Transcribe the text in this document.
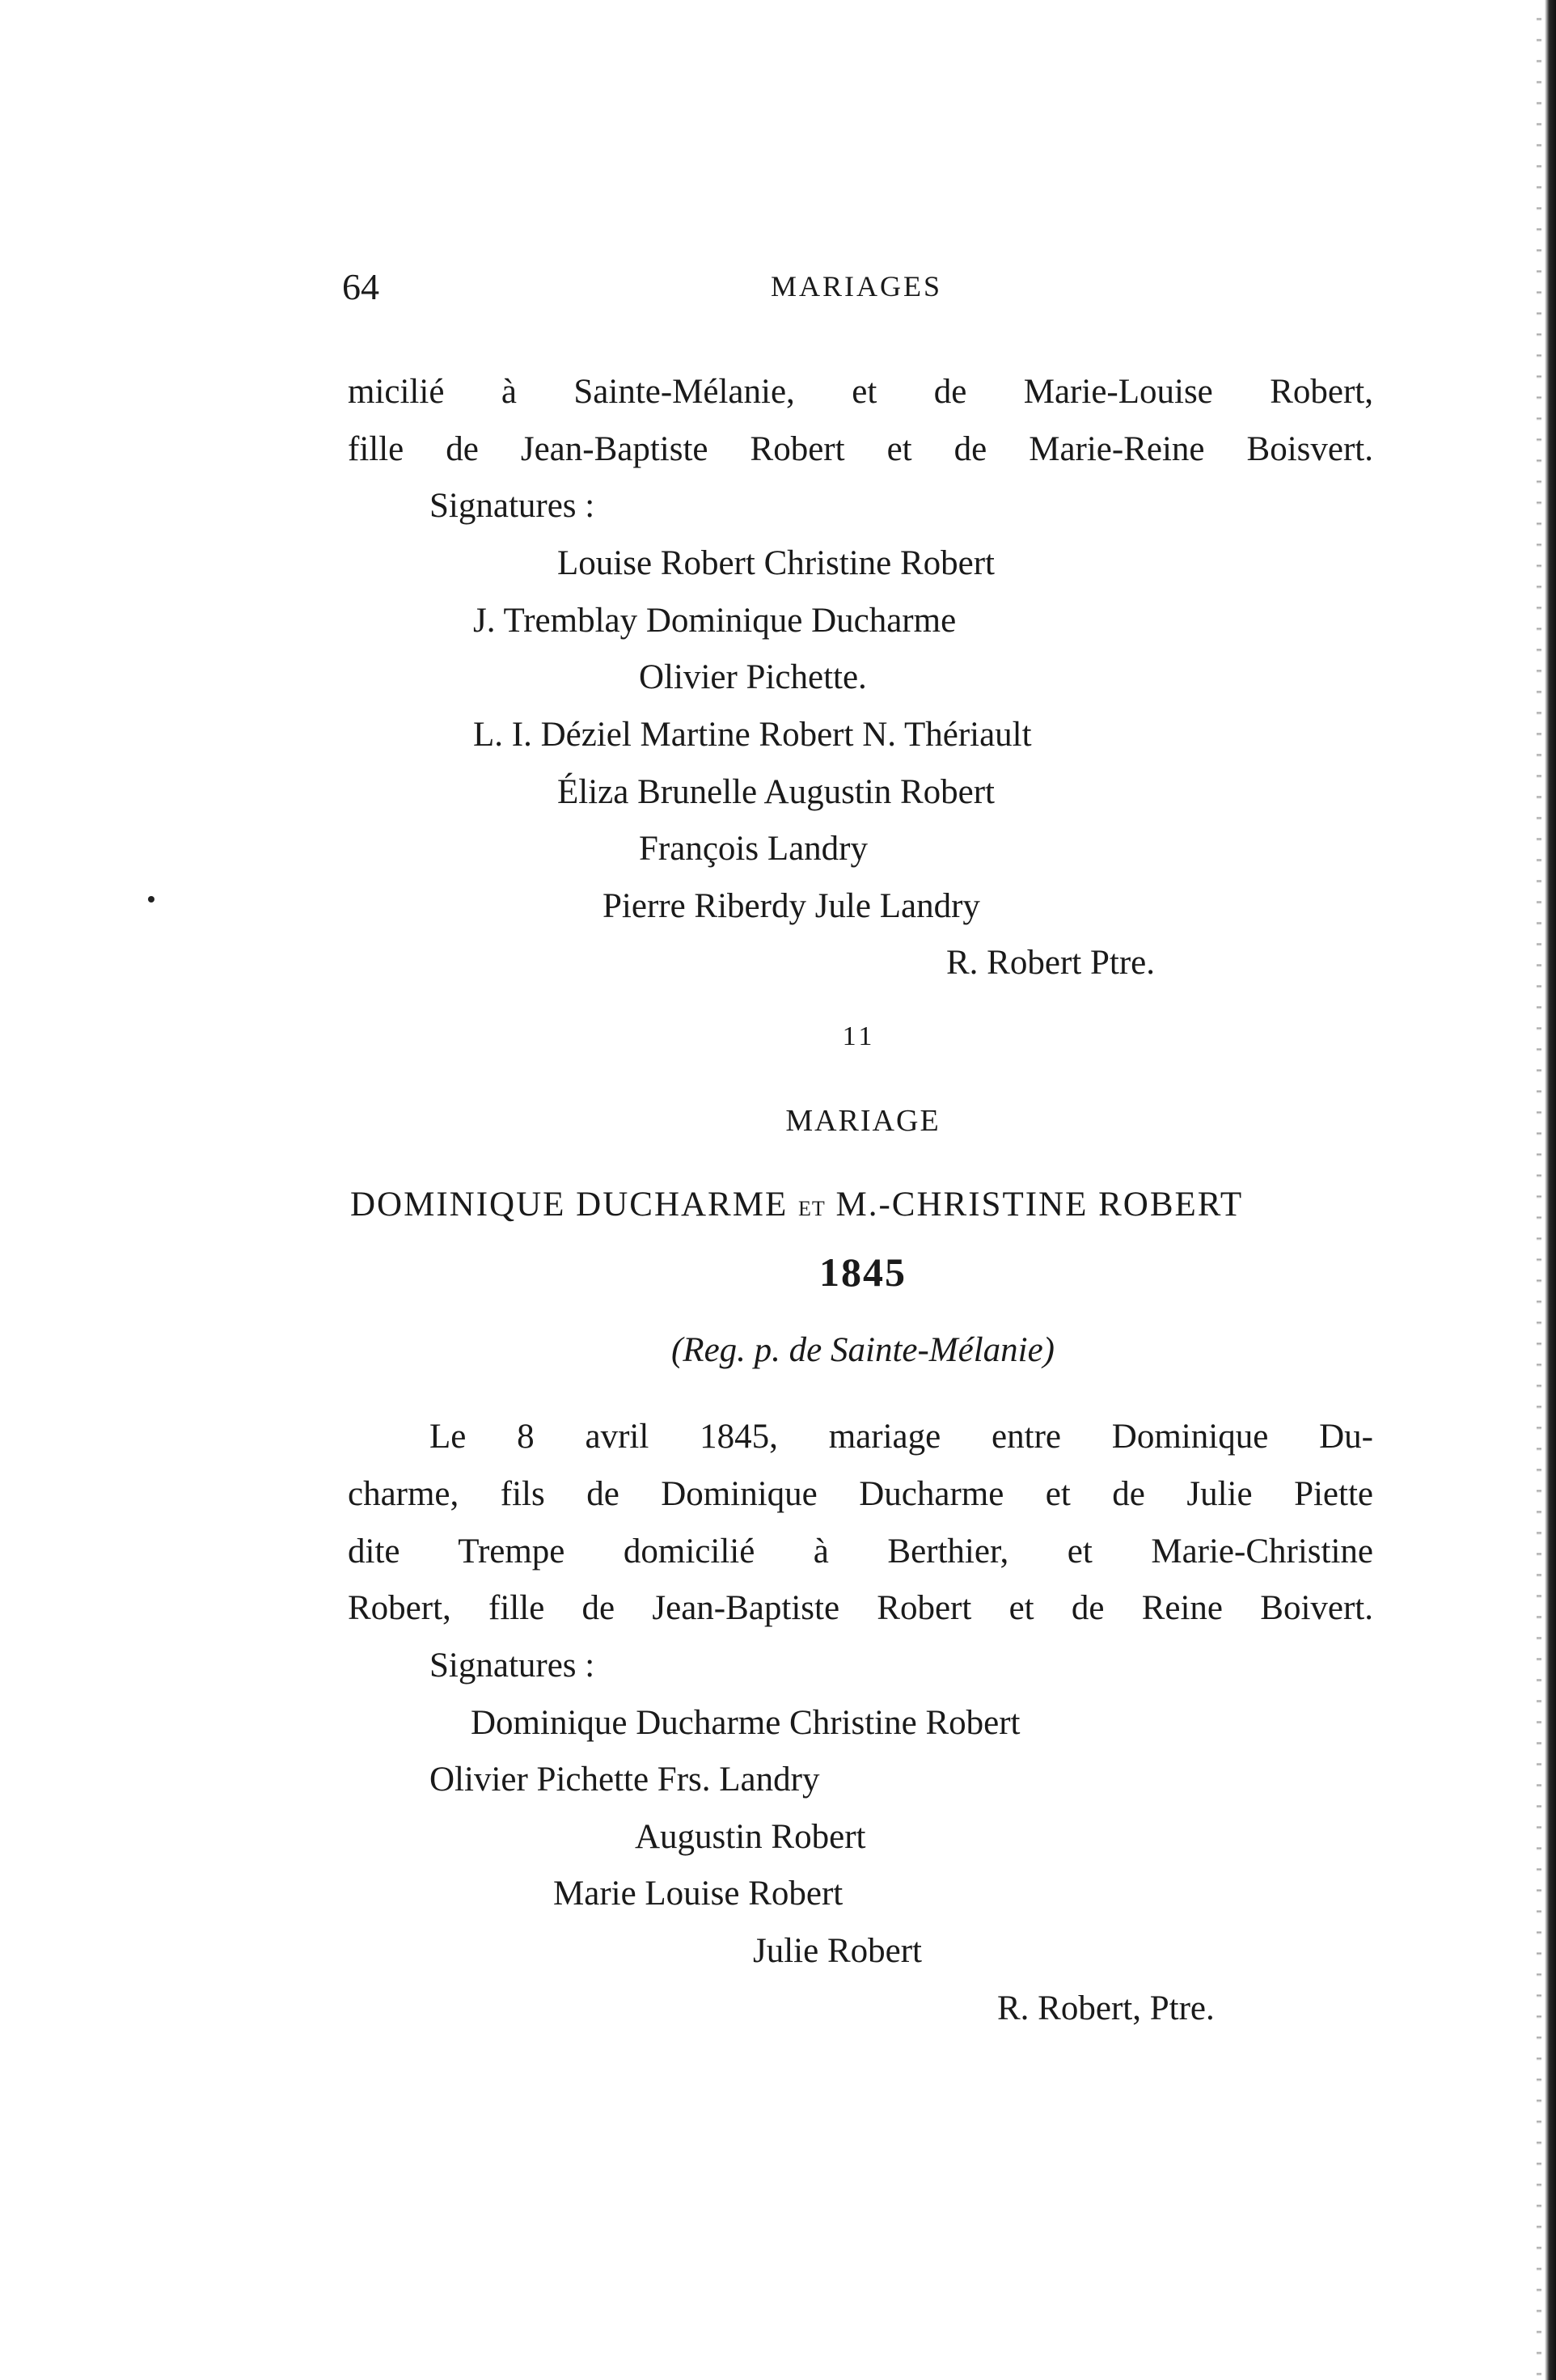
64	MARIAGES
micilié à Sainte-Mélanie, et de Marie-Louise Robert,
fille de Jean-Baptiste Robert et de Marie-Reine Boisvert.
Signatures :
Louise Robert Christine Robert
J. Tremblay Dominique Ducharme
Olivier Pichette.
L. I. Déziel Martine Robert N. Thériault
Éliza Brunelle Augustin Robert
François Landry
Pierre Riberdy Jule Landry
R. Robert Ptre.
11
MARIAGE
DOMINIQUE DUCHARME ET M.-CHRISTINE ROBERT
1845
(Reg. p. de Sainte-Mélanie)
Le 8 avril 1845, mariage entre Dominique Du-
charme, fils de Dominique Ducharme et de Julie Piette
dite Trempe domicilié à Berthier, et Marie-Christine
Robert, fille de Jean-Baptiste Robert et de Reine Boivert.
Signatures :
Dominique Ducharme Christine Robert
Olivier Pichette Frs. Landry
Augustin Robert
Marie Louise Robert
Julie Robert
R. Robert, Ptre.
